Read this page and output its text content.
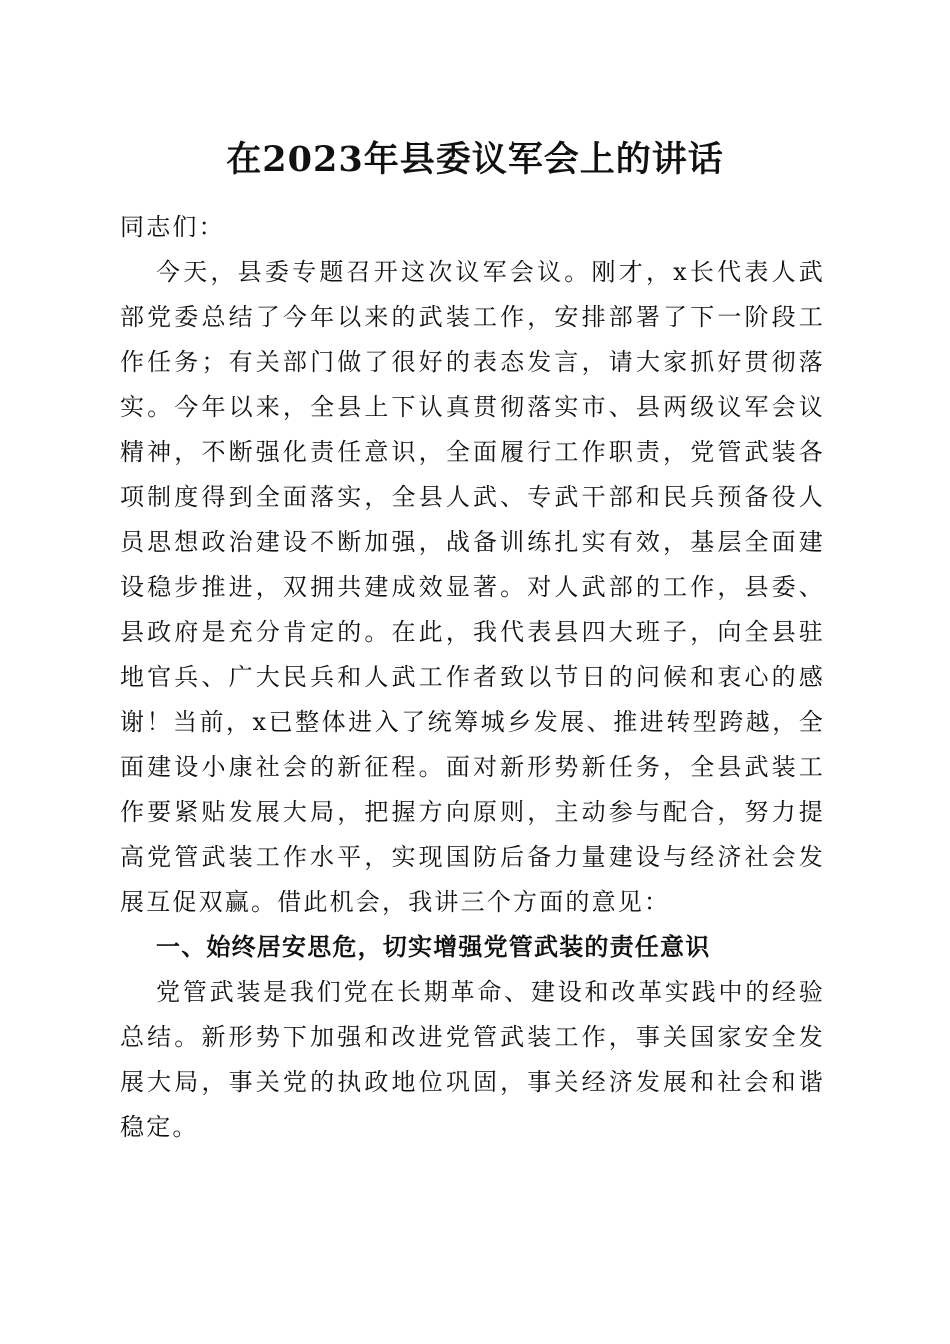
在2023年县委议军会上的讲话

同志们：

今天，县委专题召开这次议军会议。刚才，x长代表人武部党委总结了今年以来的武装工作，安排部署了下一阶段工作任务；有关部门做了很好的表态发言，请大家抓好贯彻落实。今年以来，全县上下认真贯彻落实市、县两级议军会议精神，不断强化责任意识，全面履行工作职责，党管武装各项制度得到全面落实，全县人武、专武干部和民兵预备役人员思想政治建设不断加强，战备训练扎实有效，基层全面建设稳步推进，双拥共建成效显著。对人武部的工作，县委、县政府是充分肯定的。在此，我代表县四大班子，向全县驻地官兵、广大民兵和人武工作者致以节日的问候和衷心的感谢！当前，x已整体进入了统筹城乡发展、推进转型跨越，全面建设小康社会的新征程。面对新形势新任务，全县武装工作要紧贴发展大局，把握方向原则，主动参与配合，努力提高党管武装工作水平，实现国防后备力量建设与经济社会发展互促双赢。借此机会，我讲三个方面的意见：

一、始终居安思危，切实增强党管武装的责任意识

党管武装是我们党在长期革命、建设和改革实践中的经验总结。新形势下加强和改进党管武装工作，事关国家安全发展大局，事关党的执政地位巩固，事关经济发展和社会和谐稳定。
